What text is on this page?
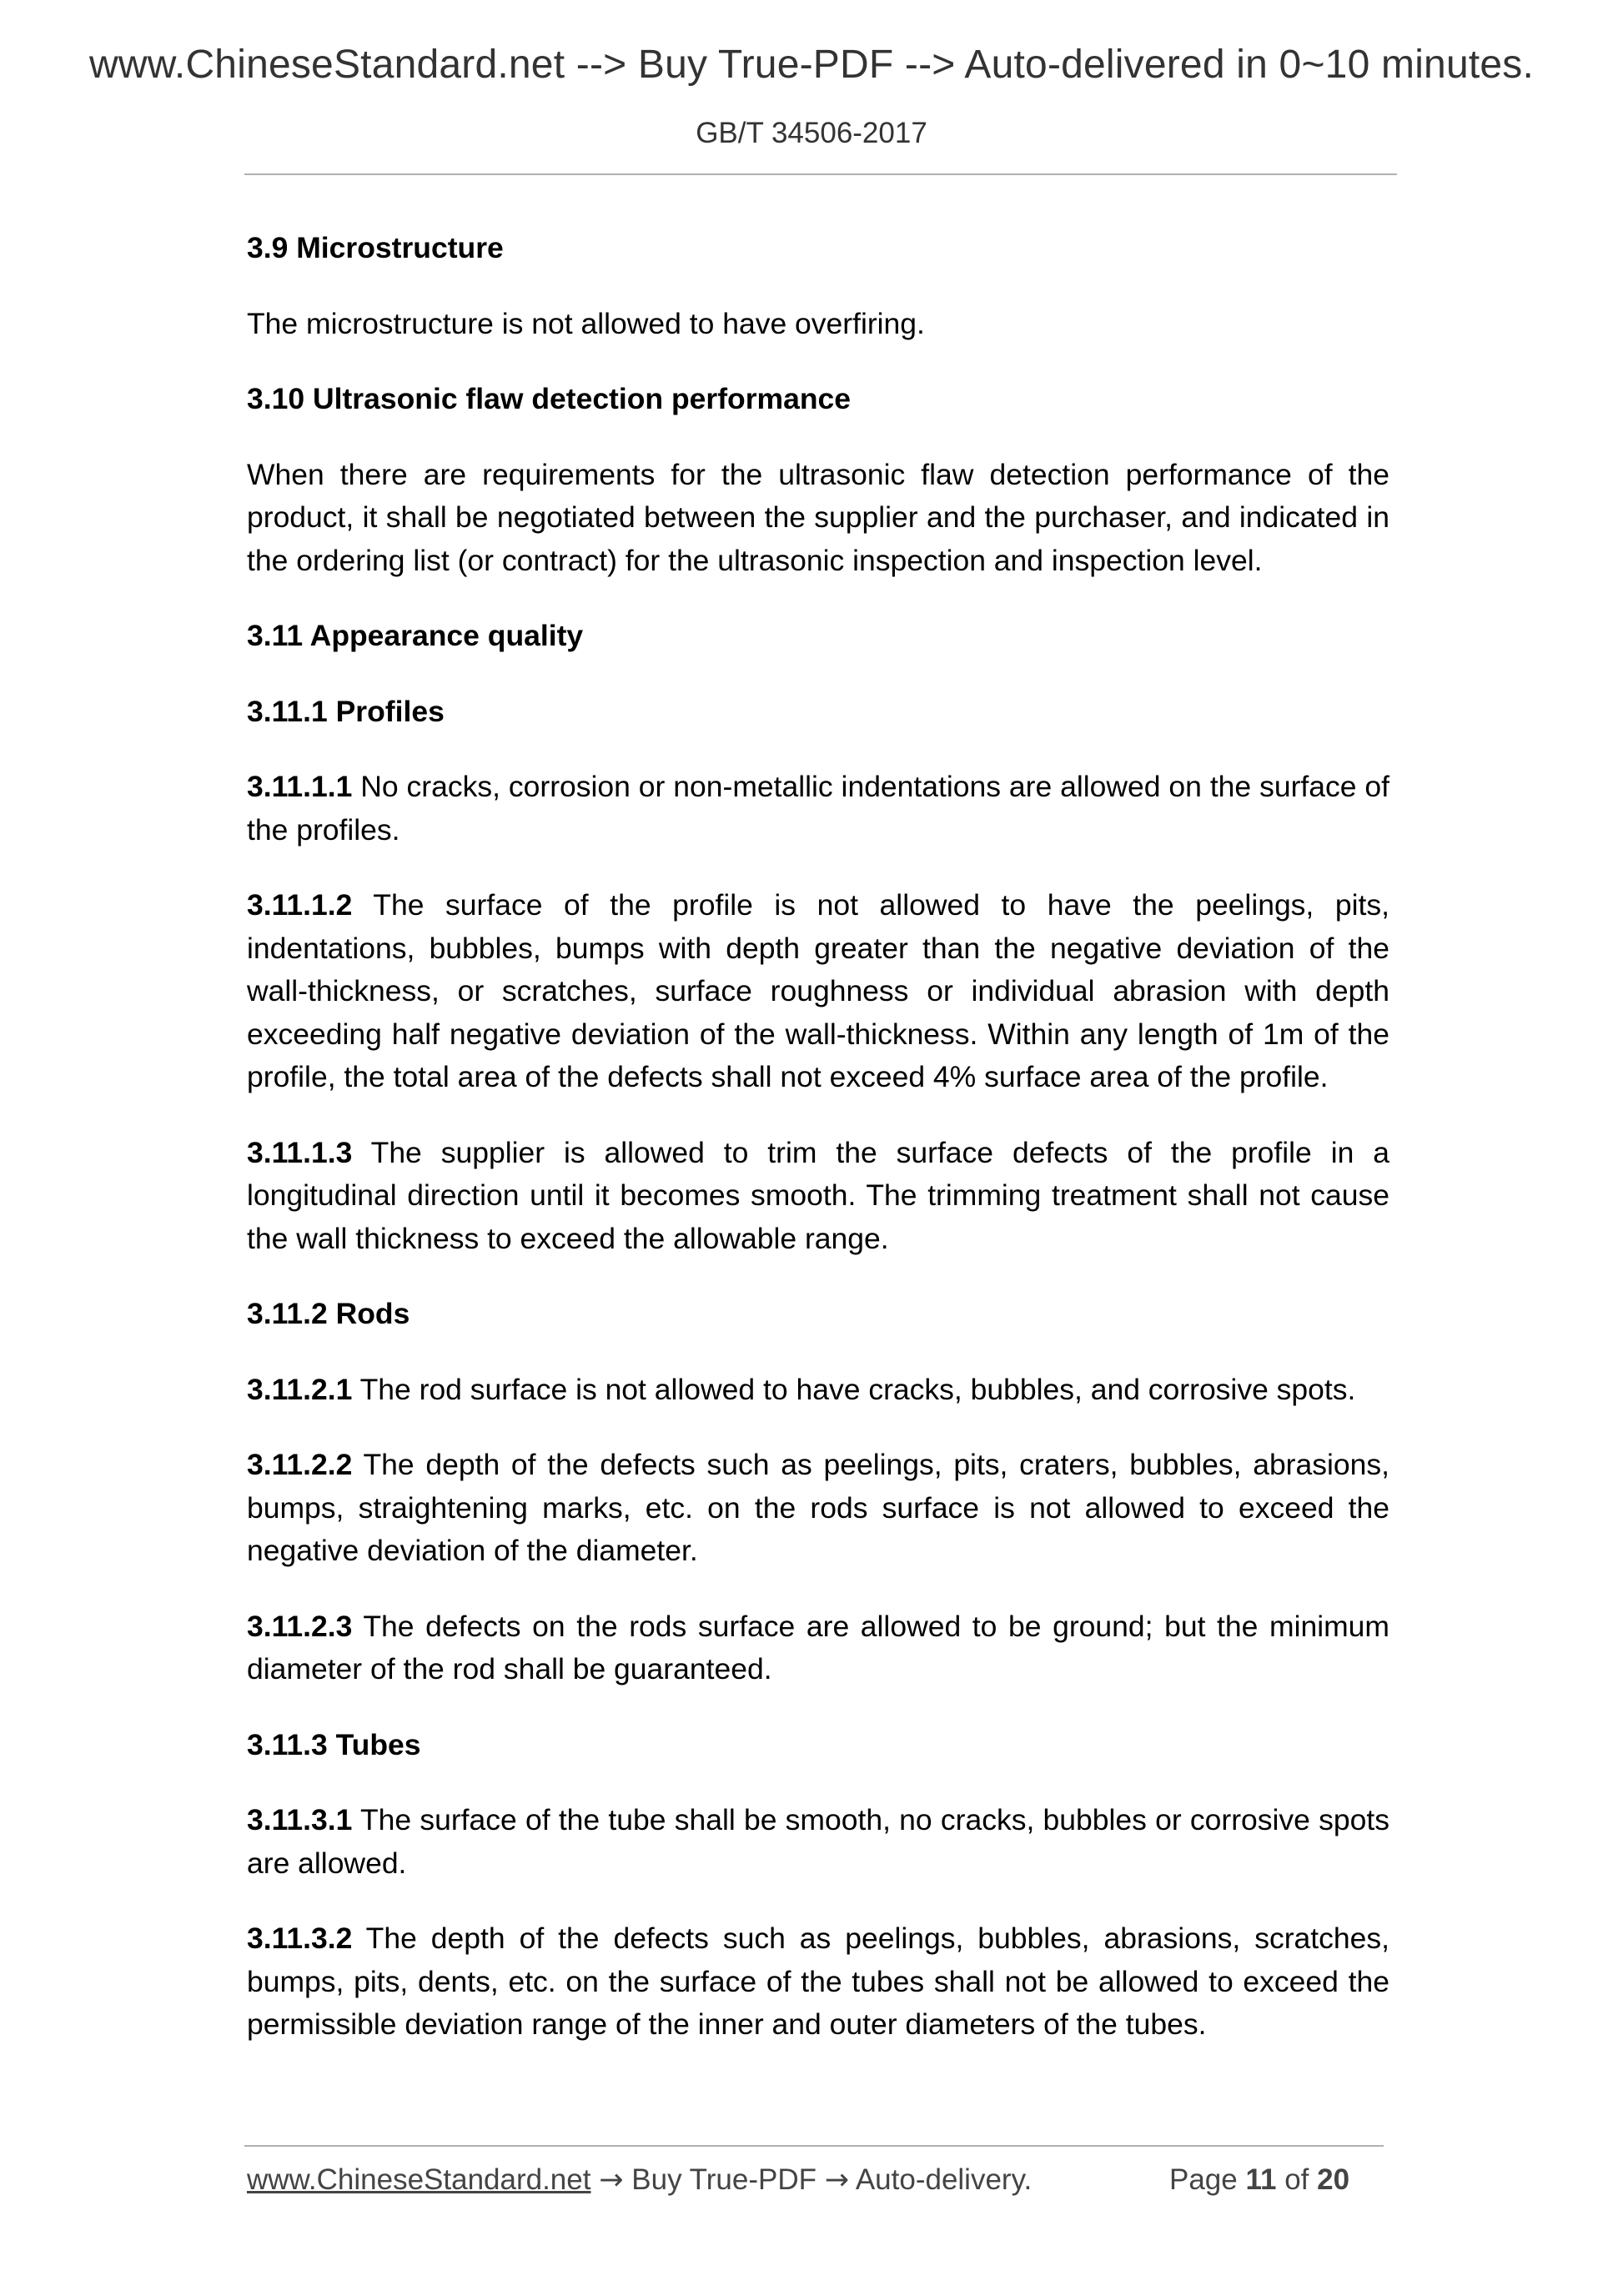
www.ChineseStandard.net --> Buy True-PDF --> Auto-delivered in 0~10 minutes.
GB/T 34506-2017

3.9 Microstructure

The microstructure is not allowed to have overfiring.

3.10 Ultrasonic flaw detection performance

When there are requirements for the ultrasonic flaw detection performance of the product, it shall be negotiated between the supplier and the purchaser, and indicated in the ordering list (or contract) for the ultrasonic inspection and inspection level.

3.11 Appearance quality

3.11.1 Profiles

3.11.1.1 No cracks, corrosion or non-metallic indentations are allowed on the surface of the profiles.

3.11.1.2 The surface of the profile is not allowed to have the peelings, pits, indentations, bubbles, bumps with depth greater than the negative deviation of the wall-thickness, or scratches, surface roughness or individual abrasion with depth exceeding half negative deviation of the wall-thickness. Within any length of 1m of the profile, the total area of the defects shall not exceed 4% surface area of the profile.

3.11.1.3 The supplier is allowed to trim the surface defects of the profile in a longitudinal direction until it becomes smooth. The trimming treatment shall not cause the wall thickness to exceed the allowable range.

3.11.2 Rods

3.11.2.1 The rod surface is not allowed to have cracks, bubbles, and corrosive spots.

3.11.2.2 The depth of the defects such as peelings, pits, craters, bubbles, abrasions, bumps, straightening marks, etc. on the rods surface is not allowed to exceed the negative deviation of the diameter.

3.11.2.3 The defects on the rods surface are allowed to be ground; but the minimum diameter of the rod shall be guaranteed.

3.11.3 Tubes

3.11.3.1 The surface of the tube shall be smooth, no cracks, bubbles or corrosive spots are allowed.

3.11.3.2 The depth of the defects such as peelings, bubbles, abrasions, scratches, bumps, pits, dents, etc. on the surface of the tubes shall not be allowed to exceed the permissible deviation range of the inner and outer diameters of the tubes.

www.ChineseStandard.net → Buy True-PDF → Auto-delivery.	Page 11 of 20
